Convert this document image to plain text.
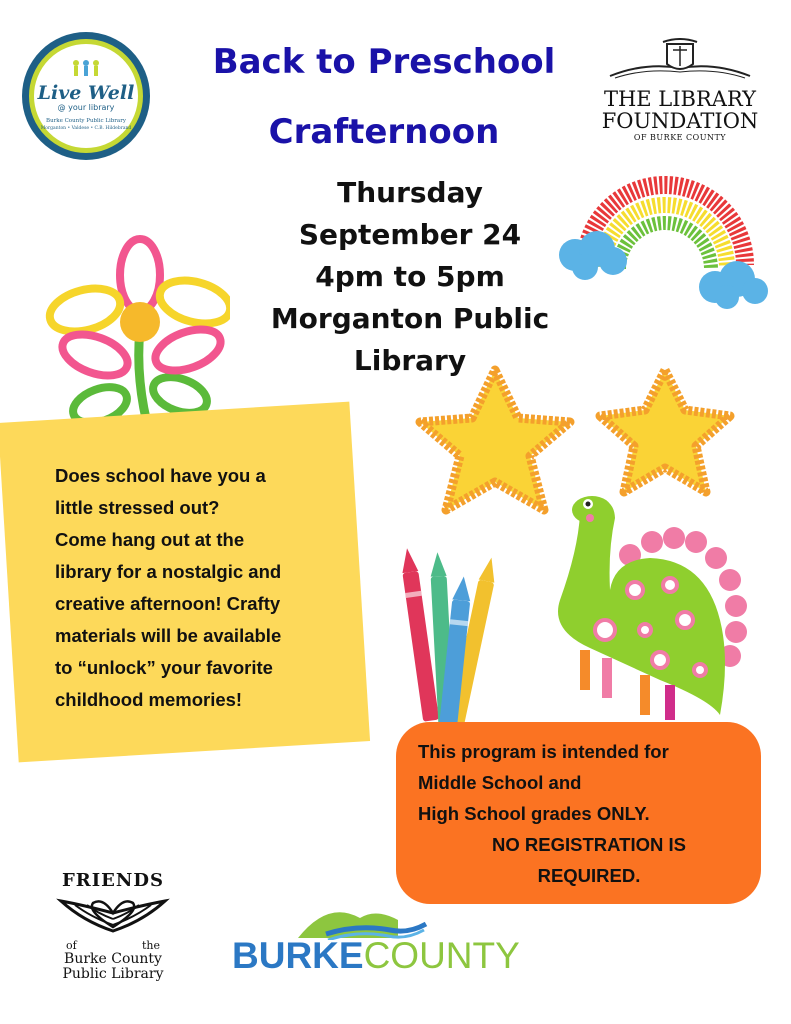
Live Well
@ your library
Burke County Public Library
Morganton • Valdese • C.B. Hildebrand
Back to Preschool
Crafternoon
THE LIBRARY
FOUNDATION
OF BURKE COUNTY
Thursday
September 24
4pm to 5pm
Morganton Public
Library
Does school have you a
little stressed out?
Come hang out at the
library for a nostalgic and
creative afternoon! Crafty
materials will be available
to “unlock” your favorite
childhood memories!
This program is intended for
Middle School and
High School grades ONLY.
NO REGISTRATION IS
REQUIRED.
FRIENDS
of	the
Burke County
Public Library	BURKECOUNTY
